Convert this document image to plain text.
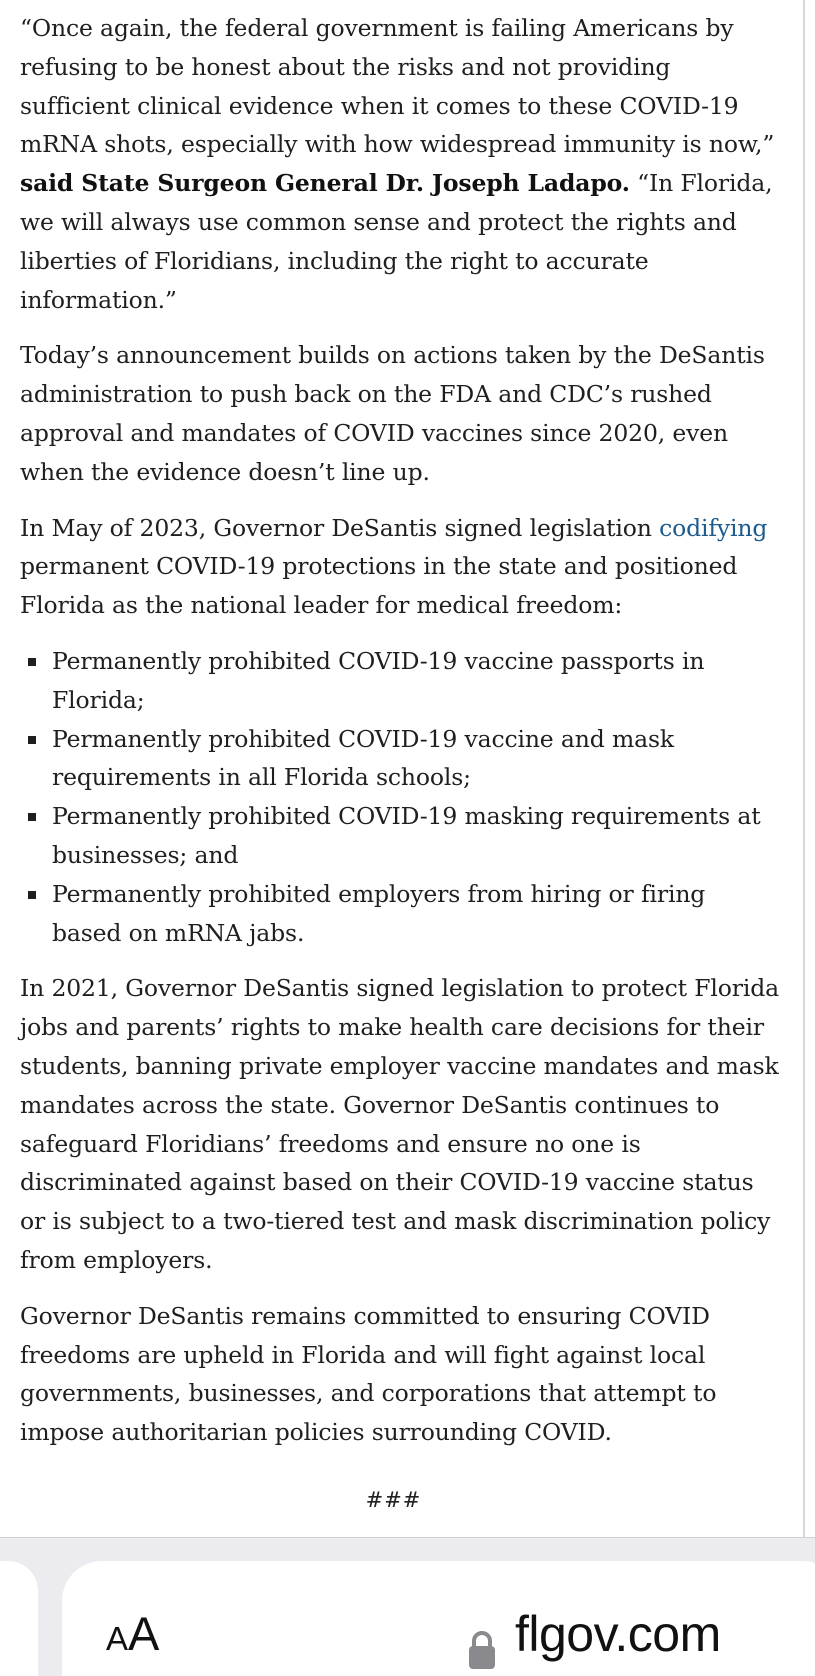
“Once again, the federal government is failing Americans by refusing to be honest about the risks and not providing sufficient clinical evidence when it comes to these COVID-19 mRNA shots, especially with how widespread immunity is now,” said State Surgeon General Dr. Joseph Ladapo. “In Florida, we will always use common sense and protect the rights and liberties of Floridians, including the right to accurate information.”

Today’s announcement builds on actions taken by the DeSantis administration to push back on the FDA and CDC’s rushed approval and mandates of COVID vaccines since 2020, even when the evidence doesn’t line up.

In May of 2023, Governor DeSantis signed legislation codifying permanent COVID-19 protections in the state and positioned Florida as the national leader for medical freedom:

Permanently prohibited COVID-19 vaccine passports in Florida;
Permanently prohibited COVID-19 vaccine and mask requirements in all Florida schools;
Permanently prohibited COVID-19 masking requirements at businesses; and
Permanently prohibited employers from hiring or firing based on mRNA jabs.

In 2021, Governor DeSantis signed legislation to protect Florida jobs and parents’ rights to make health care decisions for their students, banning private employer vaccine mandates and mask mandates across the state. Governor DeSantis continues to safeguard Floridians’ freedoms and ensure no one is discriminated against based on their COVID-19 vaccine status or is subject to a two-tiered test and mask discrimination policy from employers.

Governor DeSantis remains committed to ensuring COVID freedoms are upheld in Florida and will fight against local governments, businesses, and corporations that attempt to impose authoritarian policies surrounding COVID.

###
A A	flgov.com
